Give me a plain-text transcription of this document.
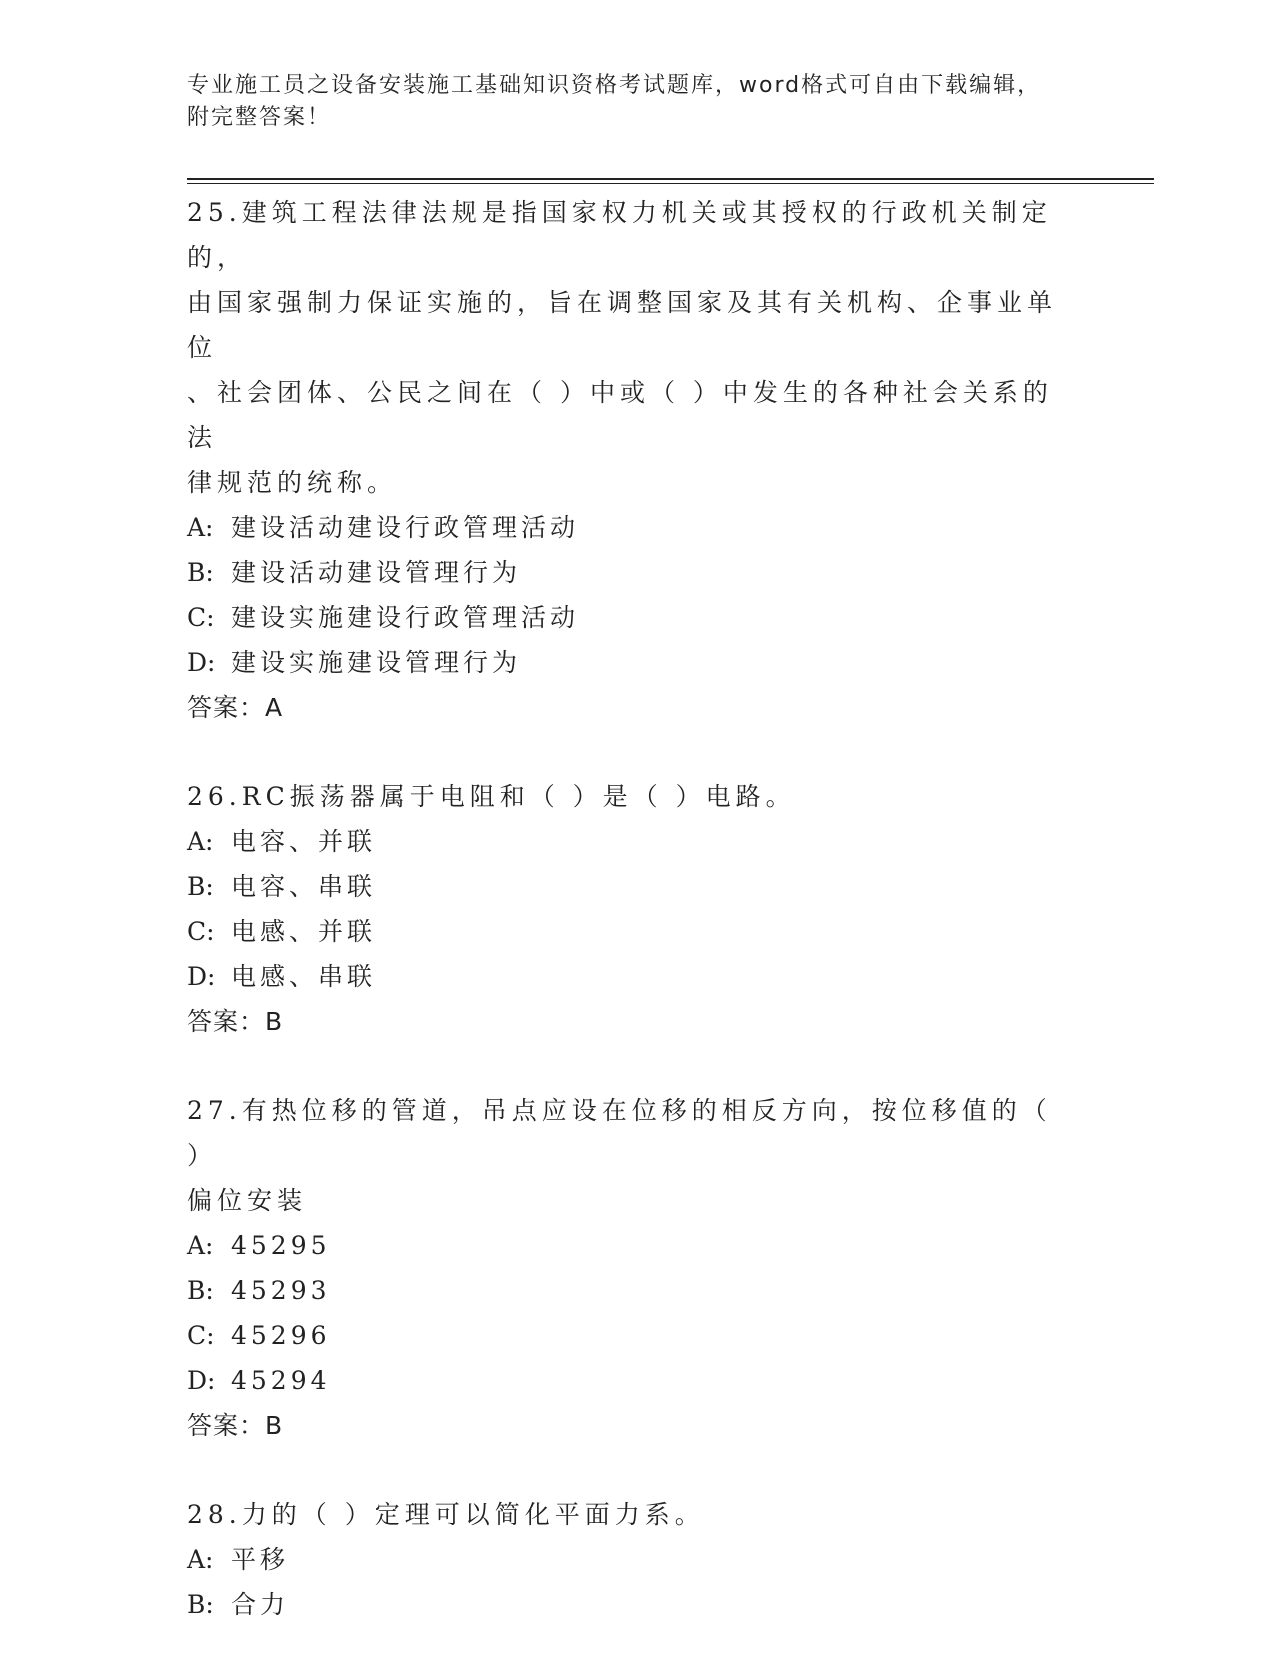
专业施工员之设备安装施工基础知识资格考试题库，word格式可自由下载编辑，
附完整答案！

25.建筑工程法律法规是指国家权力机关或其授权的行政机关制定的，

由国家强制力保证实施的，旨在调整国家及其有关机构、企事业单位

、社会团体、公民之间在（ ）中或（ ）中发生的各种社会关系的法

律规范的统称。

A: 建设活动建设行政管理活动

B: 建设活动建设管理行为

C: 建设实施建设行政管理活动

D: 建设实施建设管理行为

答案：A

26.RC振荡器属于电阻和（ ）是（ ）电路。

A: 电容、并联

B: 电容、串联

C: 电感、并联

D: 电感、串联

答案：B

27.有热位移的管道，吊点应设在位移的相反方向，按位移值的（ ）

偏位安装

A: 45295

B: 45293

C: 45296

D: 45294

答案：B

28.力的（ ）定理可以简化平面力系。

A: 平移

B: 合力
